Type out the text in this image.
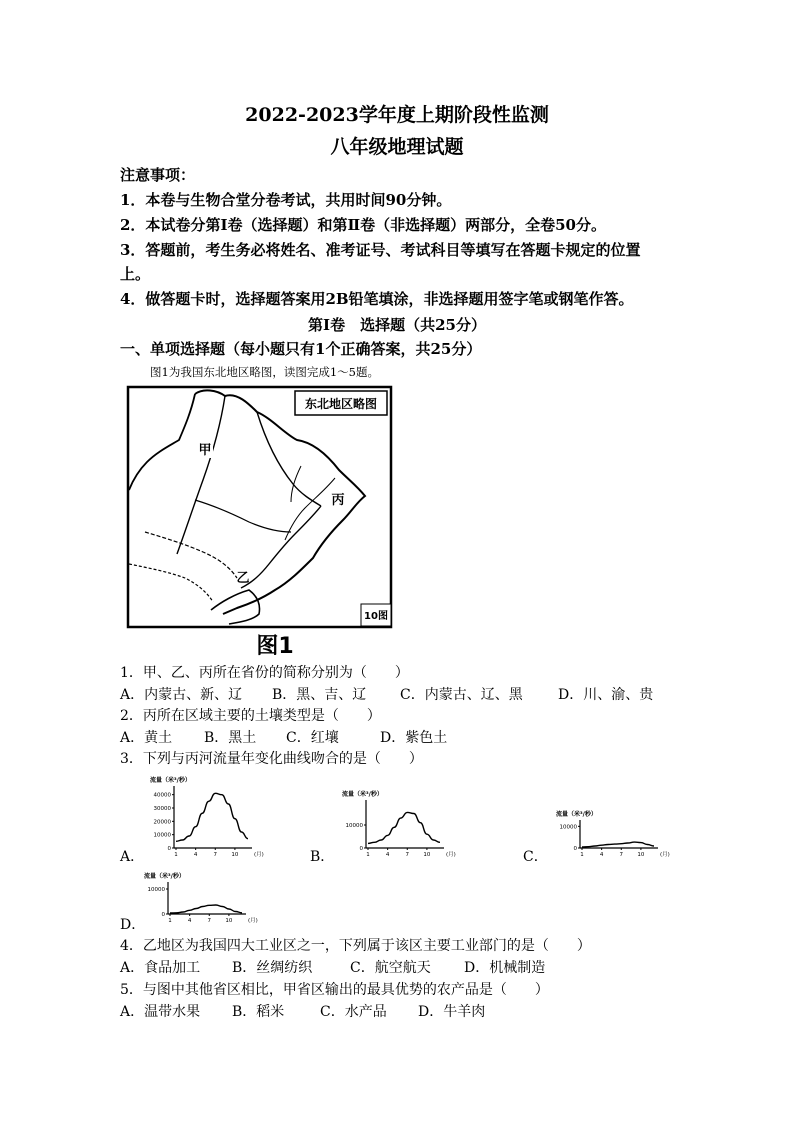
2022-2023学年度上期阶段性监测
八年级地理试题
注意事项：
1．本卷与生物合堂分卷考试，共用时间90分钟。
2．本试卷分第Ⅰ卷（选择题）和第Ⅱ卷（非选择题）两部分，全卷50分。
3．答题前，考生务必将姓名、准考证号、考试科目等填写在答题卡规定的位置
上。
4．做答题卡时，选择题答案用2B铅笔填涂，非选择题用签字笔或钢笔作答。
第Ⅰ卷　选择题（共25分）
一、单项选择题（每小题只有1个正确答案，共25分）
图1为我国东北地区略图，读图完成1～5题。
东北地区略图
甲
丙
乙
10图
图1
1．甲、乙、丙所在省份的简称分别为（　　）
A．内蒙古、新、辽 B．黑、吉、辽 C．内蒙古、辽、黑	D．川、渝、贵
2．丙所在区域主要的土壤类型是（　　）
A．黄土 B．黑土 C．红壤	D．紫色土
3．下列与丙河流量年变化曲线吻合的是（　　）
A．	B．	C．
D．
流量（米³/秒）
0
10000
20000
30000
40000
1	4	7	10	(月)
流量（米³/秒）
0
10000
1	4	7	10	(月)
流量（米³/秒）
0
10000
1	4	7	10	(月)
流量（米³/秒）
0
10000
1	4	7	10	(月)
4．乙地区为我国四大工业区之一，下列属于该区主要工业部门的是（　　）
A．食品加工 B．丝绸纺织	C．航空航天 D．机械制造
5．与图中其他省区相比，甲省区输出的最具优势的农产品是（　　）
A．温带水果 B．稻米	C．水产品 D．牛羊肉
